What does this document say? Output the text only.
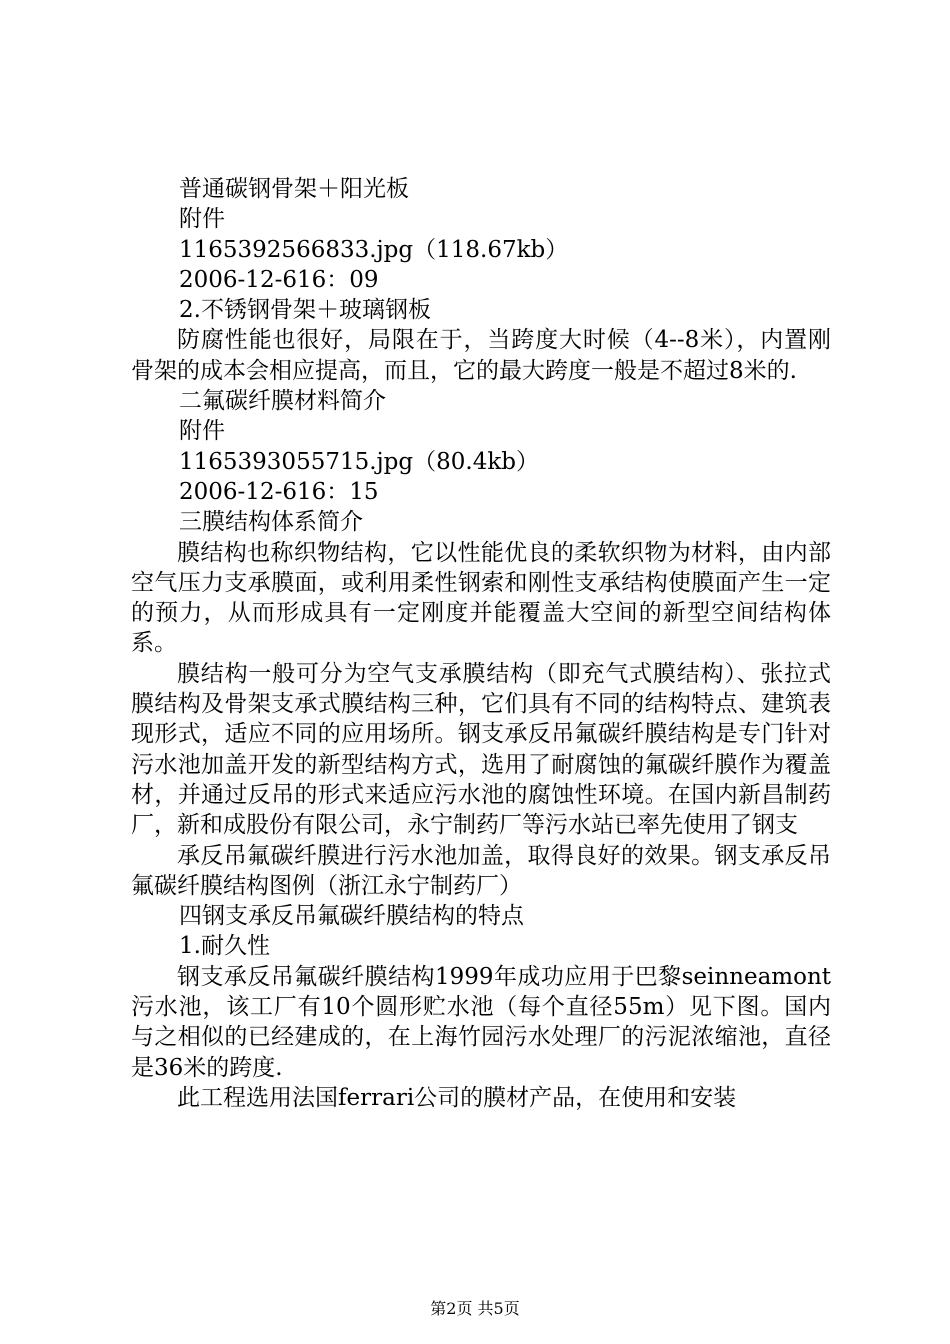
普通碳钢骨架＋阳光板
附件
1165392566833.jpg（118.67kb）
2006-12-616：09
2.不锈钢骨架＋玻璃钢板
防腐性能也很好，局限在于，当跨度大时候（4--8米），内置刚骨架的成本会相应提高，而且，它的最大跨度一般是不超过8米的.
二氟碳纤膜材料简介
附件
1165393055715.jpg（80.4kb）
2006-12-616：15
三膜结构体系简介
膜结构也称织物结构，它以性能优良的柔软织物为材料，由内部空气压力支承膜面，或利用柔性钢索和刚性支承结构使膜面产生一定的预力，从而形成具有一定刚度并能覆盖大空间的新型空间结构体系。
膜结构一般可分为空气支承膜结构（即充气式膜结构）、张拉式膜结构及骨架支承式膜结构三种，它们具有不同的结构特点、建筑表现形式，适应不同的应用场所。钢支承反吊氟碳纤膜结构是专门针对污水池加盖开发的新型结构方式，选用了耐腐蚀的氟碳纤膜作为覆盖材，并通过反吊的形式来适应污水池的腐蚀性环境。在国内新昌制药厂，新和成股份有限公司，永宁制药厂等污水站已率先使用了钢支
承反吊氟碳纤膜进行污水池加盖，取得良好的效果。钢支承反吊氟碳纤膜结构图例（浙江永宁制药厂）
四钢支承反吊氟碳纤膜结构的特点
1.耐久性
钢支承反吊氟碳纤膜结构1999年成功应用于巴黎seinneamont污水池，该工厂有10个圆形贮水池（每个直径55m）见下图。国内与之相似的已经建成的，在上海竹园污水处理厂的污泥浓缩池，直径是36米的跨度.
此工程选用法国ferrari公司的膜材产品，在使用和安装
第2页 共5页
